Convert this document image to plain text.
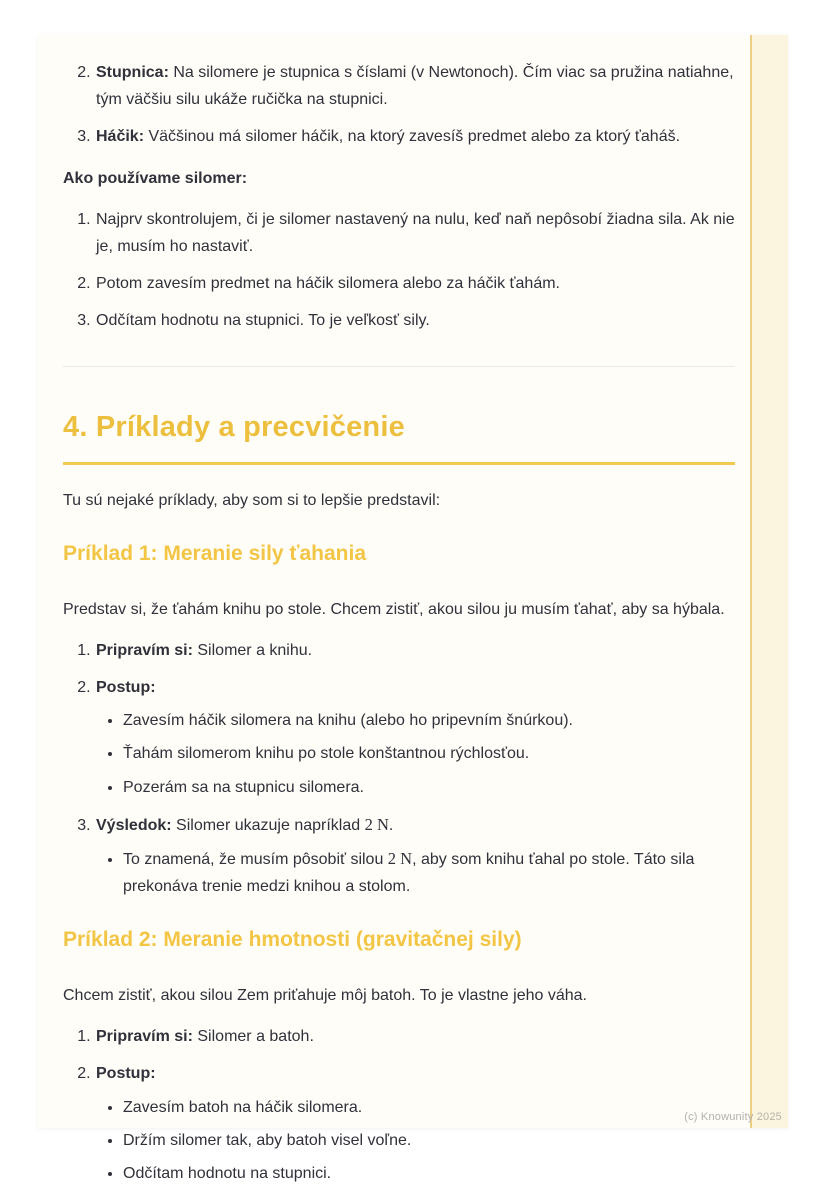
2. Stupnica: Na silomere je stupnica s číslami (v Newtonoch). Čím viac sa pružina natiahne, tým väčšiu silu ukáže ručička na stupnici.
3. Háčik: Väčšinou má silomer háčik, na ktorý zavesíš predmet alebo za ktorý ťaháš.

Ako používame silomer:

1. Najprv skontrolujem, či je silomer nastavený na nulu, keď naň nepôsobí žiadna sila. Ak nie je, musím ho nastaviť.
2. Potom zavesím predmet na háčik silomera alebo za háčik ťahám.
3. Odčítam hodnotu na stupnici. To je veľkosť sily.
4. Príklady a precvičenie

Tu sú nejaké príklady, aby som si to lepšie predstavil:

Príklad 1: Meranie sily ťahania

Predstav si, že ťahám knihu po stole. Chcem zistiť, akou silou ju musím ťahať, aby sa hýbala.

1. Pripravím si: Silomer a knihu.
2. Postup:
• Zavesím háčik silomera na knihu (alebo ho pripevním šnúrkou).
• Ťahám silomerom knihu po stole konštantnou rýchlosťou.
• Pozerám sa na stupnicu silomera.
3. Výsledok: Silomer ukazuje napríklad 2 N.
• To znamená, že musím pôsobiť silou 2 N, aby som knihu ťahal po stole. Táto sila prekonáva trenie medzi knihou a stolom.
Príklad 2: Meranie hmotnosti (gravitačnej sily)

Chcem zistiť, akou silou Zem priťahuje môj batoh. To je vlastne jeho váha.

1. Pripravím si: Silomer a batoh.
2. Postup:
• Zavesím batoh na háčik silomera.
• Držím silomer tak, aby batoh visel voľne.
• Odčítam hodnotu na stupnici.
(c) Knowunity 2025
